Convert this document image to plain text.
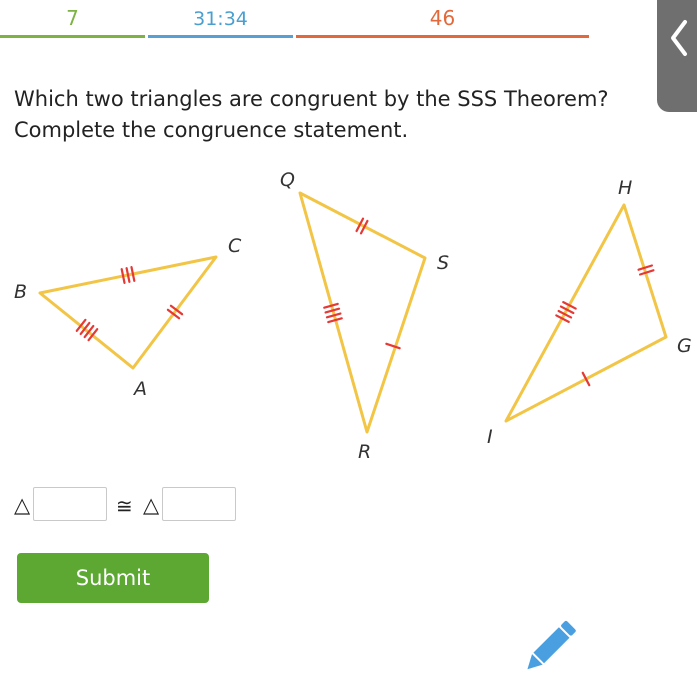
7	31:34	46
Which two triangles are congruent by the SSS Theorem? Complete the congruence statement.
B
C
A
Q
S
R
H
G
I
△	≅ △
Submit
